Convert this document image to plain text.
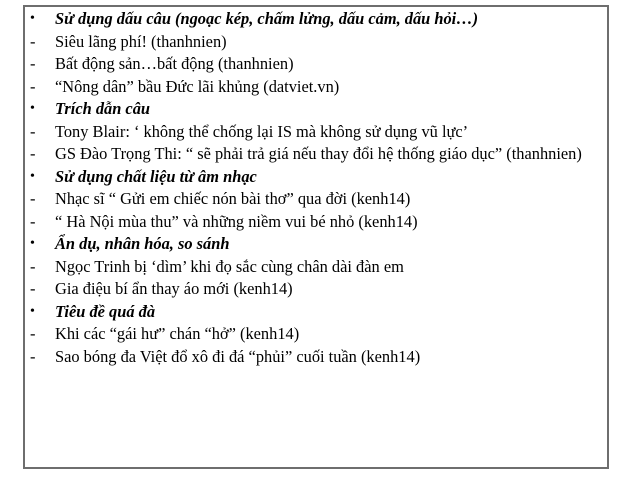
•	Sử dụng dấu câu (ngoạc kép, chấm lửng, dấu cảm, dấu hỏi…)
-	Siêu lãng phí! (thanhnien)
-	Bất động sản…bất động (thanhnien)
-	“Nông dân” bầu Đức lãi khủng (datviet.vn)
•	Trích dẫn câu
-	Tony Blair: ‘ không thể chống lại IS mà không sử dụng vũ lực’
-	GS Đào Trọng Thi: “ sẽ phải trả giá nếu thay đổi hệ thống giáo dục” (thanhnien)
•	Sử dụng chất liệu từ âm nhạc
-	Nhạc sĩ “ Gửi em chiếc nón bài thơ” qua đời (kenh14)
-	“ Hà Nội mùa thu” và những niềm vui bé nhỏ (kenh14)
•	Ẩn dụ, nhân hóa, so sánh
-	Ngọc Trinh bị ‘dìm’ khi đọ sắc cùng chân dài đàn em
-	Gia điệu bí ẩn thay áo mới (kenh14)
•	Tiêu đề quá đà
-	Khi các “gái hư” chán “hở” (kenh14)
-	Sao bóng đa Việt đổ xô đi đá “phủi” cuối tuần (kenh14)
